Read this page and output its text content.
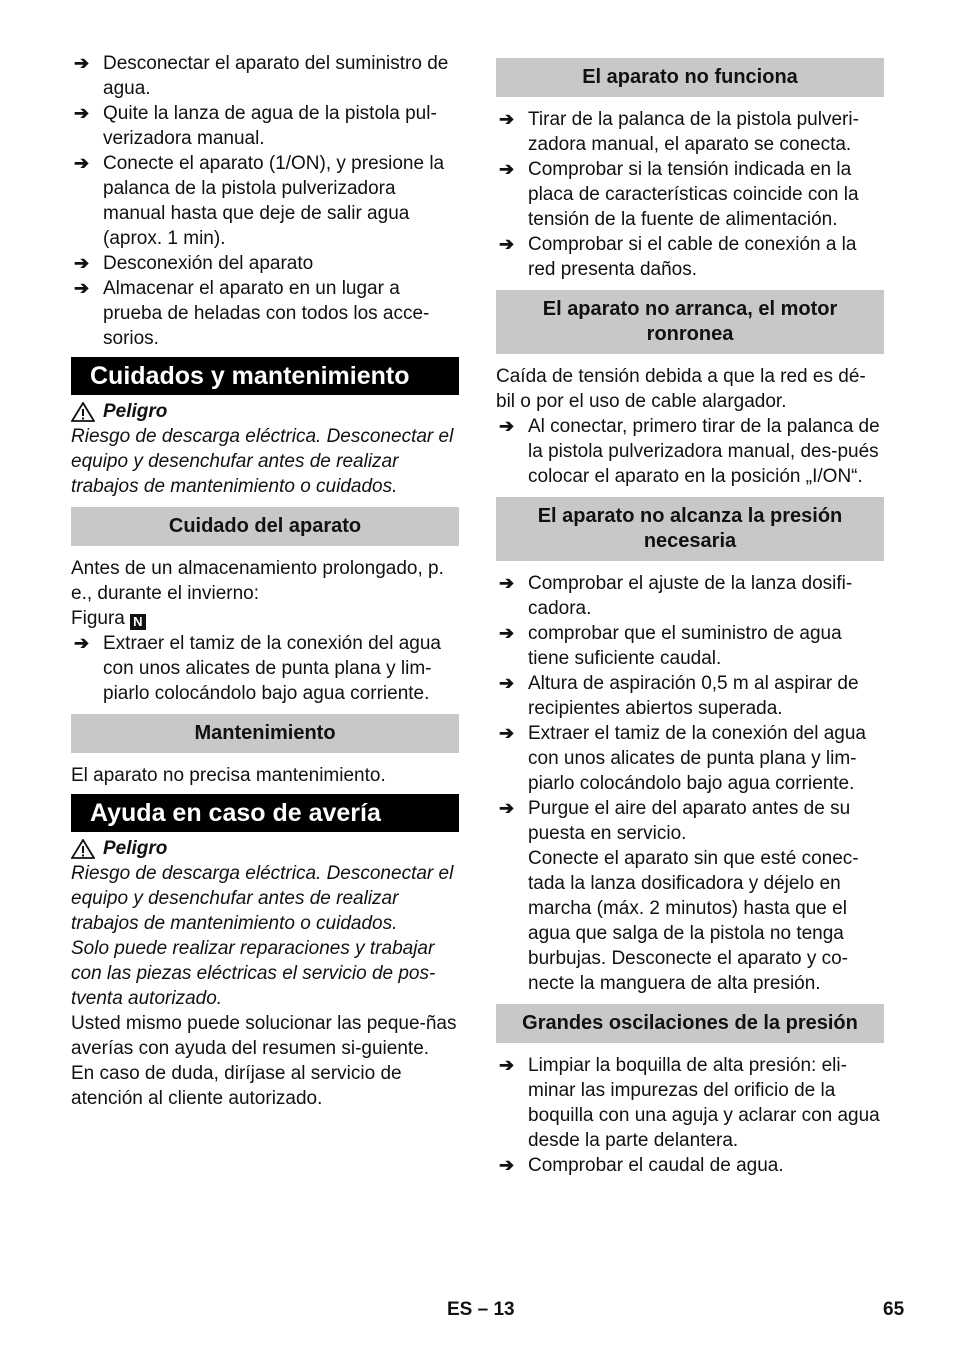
➔ Desconectar el aparato del suministro de agua.

➔ Quite la lanza de agua de la pistola pul-verizadora manual.

➔ Conecte el aparato (1/ON), y presione la palanca de la pistola pulverizadora manual hasta que deje de salir agua (aprox. 1 min).

➔ Desconexión del aparato

➔ Almacenar el aparato en un lugar a prueba de heladas con todos los acce-sorios.

Cuidados y mantenimiento
Peligro

Riesgo de descarga eléctrica. Desconectar el equipo y desenchufar antes de realizar trabajos de mantenimiento o cuidados.

Cuidado del aparato

Antes de un almacenamiento prolongado, p. e., durante el invierno:

Figura N

➔ Extraer el tamiz de la conexión del agua con unos alicates de punta plana y lim-piarlo colocándolo bajo agua corriente.

Mantenimiento

El aparato no precisa mantenimiento.

Ayuda en caso de avería
Peligro

Riesgo de descarga eléctrica. Desconectar el equipo y desenchufar antes de realizar trabajos de mantenimiento o cuidados.

Solo puede realizar reparaciones y trabajar con las piezas eléctricas el servicio de pos-tventa autorizado.

Usted mismo puede solucionar las peque-ñas averías con ayuda del resumen si-guiente.

En caso de duda, diríjase al servicio de atención al cliente autorizado.

El aparato no funciona

➔ Tirar de la palanca de la pistola pulveri-zadora manual, el aparato se conecta.

➔ Comprobar si la tensión indicada en la placa de características coincide con la tensión de la fuente de alimentación.

➔ Comprobar si el cable de conexión a la red presenta daños.

El aparato no arranca, el motor ronronea

Caída de tensión debida a que la red es dé-bil o por el uso de cable alargador.

➔ Al conectar, primero tirar de la palanca de la pistola pulverizadora manual, des-pués colocar el aparato en la posición „I/ON“.

El aparato no alcanza la presión necesaria

➔ Comprobar el ajuste de la lanza dosifi-cadora.

➔ comprobar que el suministro de agua tiene suficiente caudal.

➔ Altura de aspiración 0,5 m al aspirar de recipientes abiertos superada.

➔ Extraer el tamiz de la conexión del agua con unos alicates de punta plana y lim-piarlo colocándolo bajo agua corriente.

➔ Purgue el aire del aparato antes de su puesta en servicio.

Conecte el aparato sin que esté conec-tada la lanza dosificadora y déjelo en marcha (máx. 2 minutos) hasta que el agua que salga de la pistola no tenga burbujas. Desconecte el aparato y co-necte la manguera de alta presión.

Grandes oscilaciones de la presión

➔ Limpiar la boquilla de alta presión: eli-minar las impurezas del orificio de la boquilla con una aguja y aclarar con agua desde la parte delantera.

➔ Comprobar el caudal de agua.

ES – 13	65
